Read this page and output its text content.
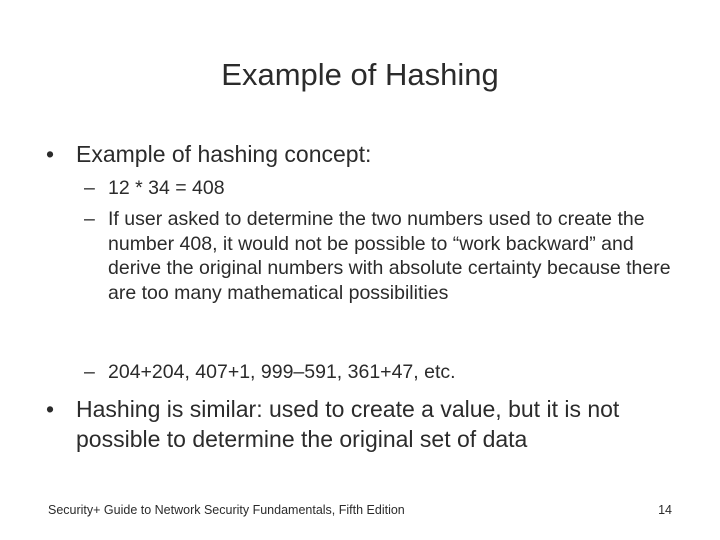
Example of Hashing
• Example of hashing concept:
– 12 * 34 = 408
– If user asked to determine the two numbers used to create the number 408, it would not be possible to “work backward” and derive the original numbers with absolute certainty because there are too many mathematical possibilities
– 204+204, 407+1, 999–591, 361+47, etc.
• Hashing is similar: used to create a value, but it is not possible to determine the original set of data
Security+ Guide to Network Security Fundamentals, Fifth Edition	14
